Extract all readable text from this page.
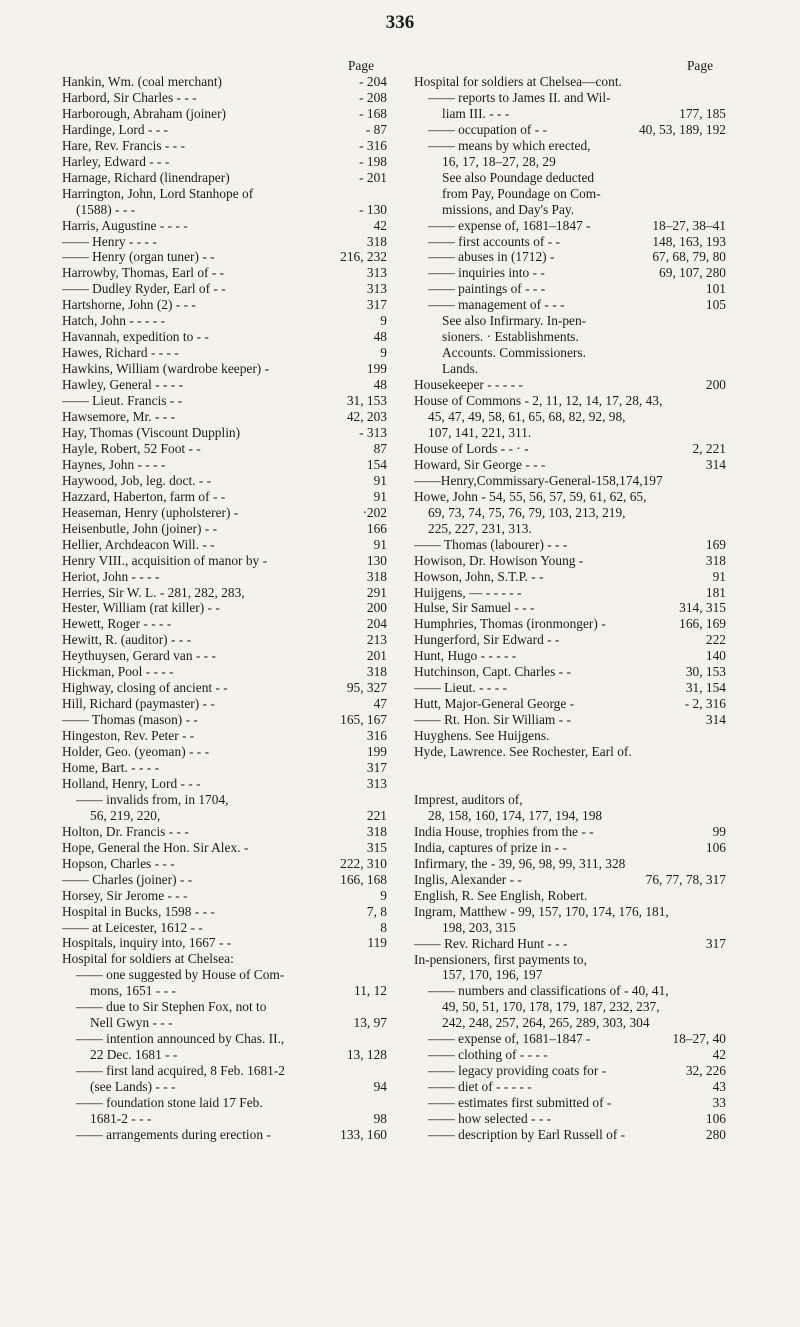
336
Page
Hankin, Wm. (coal merchant)	- 204
Harbord, Sir Charles - - -	- 208
Harborough, Abraham (joiner)	- 168
Hardinge, Lord - - -	- 87
Hare, Rev. Francis - - -	- 316
Harley, Edward - - -	- 198
Harnage, Richard (linendraper)	- 201
Harrington, John, Lord Stanhope of
(1588) - - -	- 130
Harris, Augustine - - - -	42
—— Henry - - - -	318
—— Henry (organ tuner) - -	216, 232
Harrowby, Thomas, Earl of - -	313
—— Dudley Ryder, Earl of - -	313
Hartshorne, John (2) - - -	317
Hatch, John - - - - -	9
Havannah, expedition to - -	48
Hawes, Richard - - - -	9
Hawkins, William (wardrobe keeper) -	199
Hawley, General - - - -	48
—— Lieut. Francis - -	31, 153
Hawsemore, Mr. - - -	42, 203
Hay, Thomas (Viscount Dupplin)	- 313
Hayle, Robert, 52 Foot - -	87
Haynes, John - - - -	154
Haywood, Job, leg. doct. - -	91
Hazzard, Haberton, farm of - -	91
Heaseman, Henry (upholsterer) -	·202
Heisenbutle, John (joiner) - -	166
Hellier, Archdeacon Will. - -	91
Henry VIII., acquisition of manor by -	130
Heriot, John - - - -	318
Herries, Sir W. L. - 281, 282, 283,	291
Hester, William (rat killer) - -	200
Hewett, Roger - - - -	204
Hewitt, R. (auditor) - - -	213
Heythuysen, Gerard van - - -	201
Hickman, Pool - - - -	318
Highway, closing of ancient - -	95, 327
Hill, Richard (paymaster) - -	47
—— Thomas (mason) - -	165, 167
Hingeston, Rev. Peter - -	316
Holder, Geo. (yeoman) - - -	199
Home, Bart. - - - -	317
Holland, Henry, Lord - - -	313
—— invalids from, in 1704,
56, 219, 220,	221
Holton, Dr. Francis - - -	318
Hope, General the Hon. Sir Alex. -	315
Hopson, Charles - - -	222, 310
—— Charles (joiner) - -	166, 168
Horsey, Sir Jerome - - -	9
Hospital in Bucks, 1598 - - -	7, 8
—— at Leicester, 1612 - -	8
Hospitals, inquiry into, 1667 - -	119
Hospital for soldiers at Chelsea:
—— one suggested by House of Com-
mons, 1651 - - -	11, 12
—— due to Sir Stephen Fox, not to
Nell Gwyn - - -	13, 97
—— intention announced by Chas. II.,
22 Dec. 1681 - -	13, 128
—— first land acquired, 8 Feb. 1681-2
(see Lands) - - -	94
—— foundation stone laid 17 Feb.
1681-2 - - -	98
—— arrangements during erection -	133, 160
Page
Hospital for soldiers at Chelsea—cont.
—— reports to James II. and Wil-
liam III. - - -	177, 185
—— occupation of - -	40, 53, 189, 192
—— means by which erected,
16, 17, 18–27, 28, 29
See also Poundage deducted
from Pay, Poundage on Com-
missions, and Day's Pay.
—— expense of, 1681–1847 -	18–27, 38–41
—— first accounts of - -	148, 163, 193
—— abuses in (1712) -	67, 68, 79, 80
—— inquiries into - -	69, 107, 280
—— paintings of - - -	101
—— management of - - -	105
See also Infirmary. In-pen-
sioners. · Establishments.
Accounts. Commissioners.
Lands.
Housekeeper - - - - -	200
House of Commons - 2, 11, 12, 14, 17, 28, 43,
45, 47, 49, 58, 61, 65, 68, 82, 92, 98,
107, 141, 221, 311.
House of Lords - - · -	2, 221
Howard, Sir George - - -	314
——Henry,Commissary-General-158,174,197
Howe, John - 54, 55, 56, 57, 59, 61, 62, 65,
69, 73, 74, 75, 76, 79, 103, 213, 219,
225, 227, 231, 313.
—— Thomas (labourer) - - -	169
Howison, Dr. Howison Young -	318
Howson, John, S.T.P. - -	91
Huijgens, — - - - - -	181
Hulse, Sir Samuel - - -	314, 315
Humphries, Thomas (ironmonger) -	166, 169
Hungerford, Sir Edward - -	222
Hunt, Hugo - - - - -	140
Hutchinson, Capt. Charles - -	30, 153
—— Lieut. - - - -	31, 154
Hutt, Major-General George -	- 2, 316
—— Rt. Hon. Sir William - -	314
Huyghens. See Huijgens.
Hyde, Lawrence. See Rochester, Earl of.
Imprest, auditors of,
28, 158, 160, 174, 177, 194, 198
India House, trophies from the - -	99
India, captures of prize in - -	106
Infirmary, the - 39, 96, 98, 99, 311, 328
Inglis, Alexander - -	76, 77, 78, 317
English, R. See English, Robert.
Ingram, Matthew - 99, 157, 170, 174, 176, 181,
198, 203, 315
—— Rev. Richard Hunt - - -	317
In-pensioners, first payments to,
157, 170, 196, 197
—— numbers and classifications of - 40, 41,
49, 50, 51, 170, 178, 179, 187, 232, 237,
242, 248, 257, 264, 265, 289, 303, 304
—— expense of, 1681–1847 -	18–27, 40
—— clothing of - - - -	42
—— legacy providing coats for -	32, 226
—— diet of - - - - -	43
—— estimates first submitted of -	33
—— how selected - - -	106
—— description by Earl Russell of -	280
